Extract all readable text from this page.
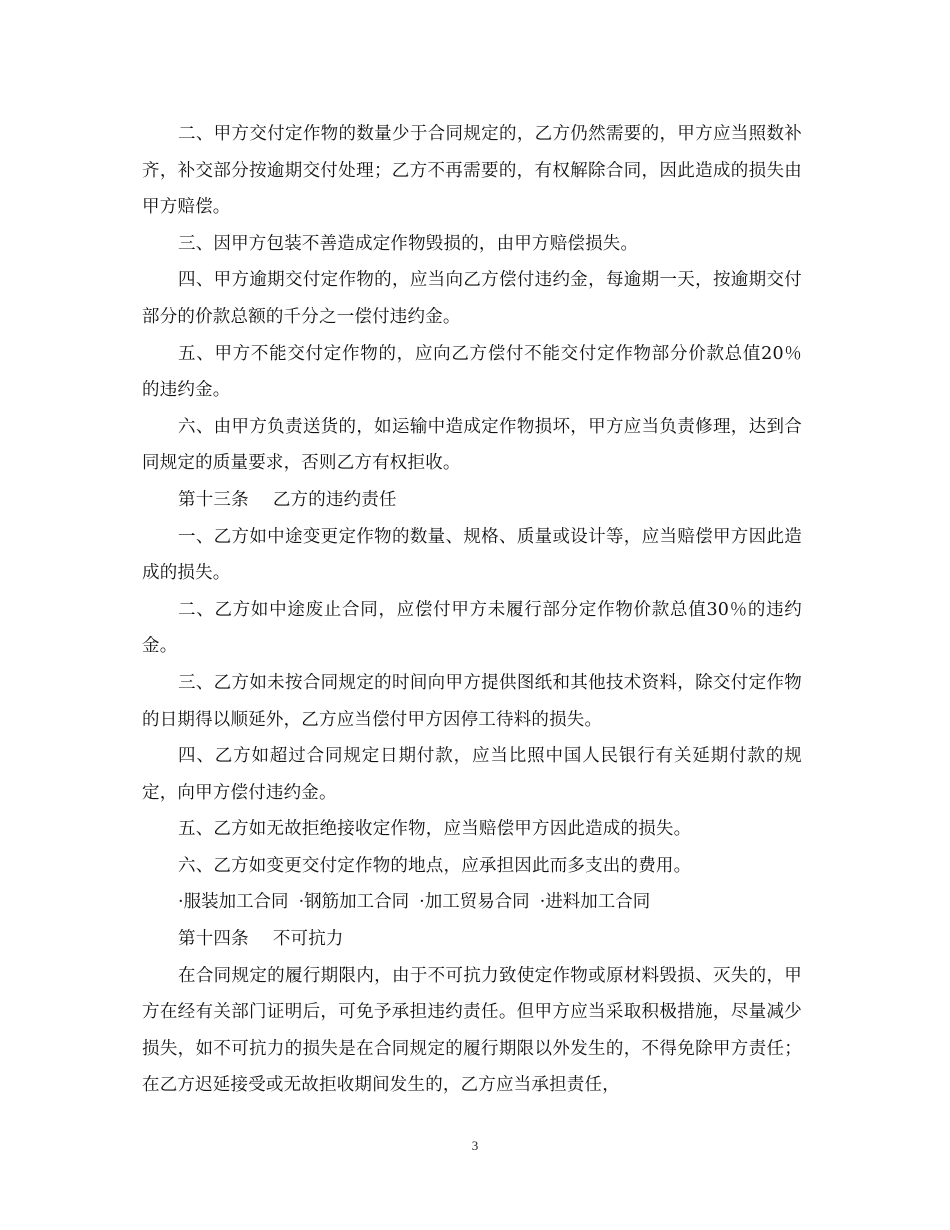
二、甲方交付定作物的数量少于合同规定的，乙方仍然需要的，甲方应当照数补齐，补交部分按逾期交付处理；乙方不再需要的，有权解除合同，因此造成的损失由甲方赔偿。

三、因甲方包装不善造成定作物毁损的，由甲方赔偿损失。

四、甲方逾期交付定作物的，应当向乙方偿付违约金，每逾期一天，按逾期交付部分的价款总额的千分之一偿付违约金。

五、甲方不能交付定作物的，应向乙方偿付不能交付定作物部分价款总值20％的违约金。

六、由甲方负责送货的，如运输中造成定作物损坏，甲方应当负责修理，达到合同规定的质量要求，否则乙方有权拒收。

第十三条 乙方的违约责任

一、乙方如中途变更定作物的数量、规格、质量或设计等，应当赔偿甲方因此造成的损失。

二、乙方如中途废止合同，应偿付甲方未履行部分定作物价款总值30％的违约金。

三、乙方如未按合同规定的时间向甲方提供图纸和其他技术资料，除交付定作物的日期得以顺延外，乙方应当偿付甲方因停工待料的损失。

四、乙方如超过合同规定日期付款，应当比照中国人民银行有关延期付款的规定，向甲方偿付违约金。

五、乙方如无故拒绝接收定作物，应当赔偿甲方因此造成的损失。

六、乙方如变更交付定作物的地点，应承担因此而多支出的费用。

·服装加工合同 ·钢筋加工合同 ·加工贸易合同 ·进料加工合同

第十四条 不可抗力

在合同规定的履行期限内，由于不可抗力致使定作物或原材料毁损、灭失的，甲方在经有关部门证明后，可免予承担违约责任。但甲方应当采取积极措施，尽量减少损失，如不可抗力的损失是在合同规定的履行期限以外发生的，不得免除甲方责任；在乙方迟延接受或无故拒收期间发生的，乙方应当承担责任，

3
